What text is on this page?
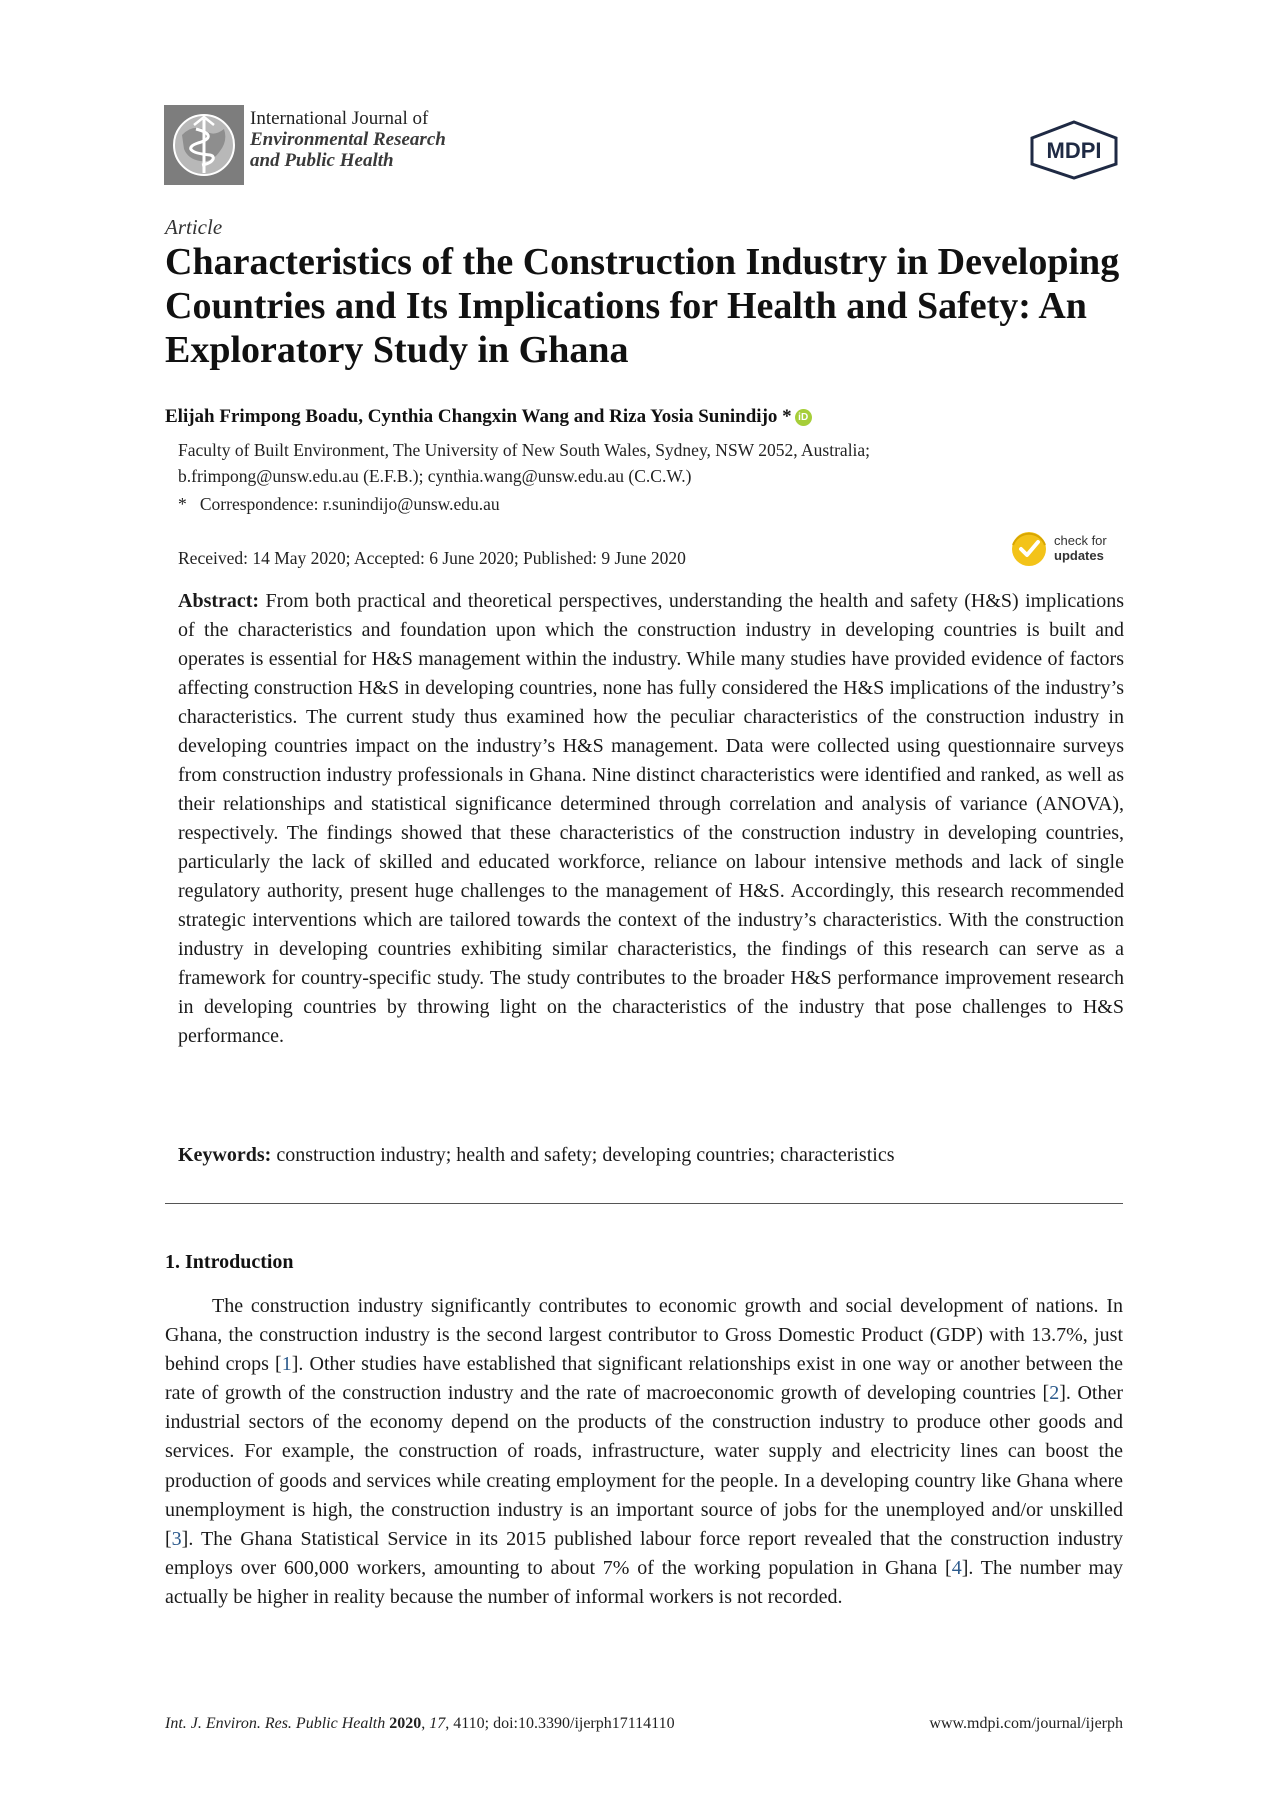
International Journal of
Environmental Research
and Public Health	MDPI
Article
Characteristics of the Construction Industry in Developing Countries and Its Implications for Health and Safety: An Exploratory Study in Ghana
Elijah Frimpong Boadu, Cynthia Changxin Wang and Riza Yosia Sunindijo * iD
Faculty of Built Environment, The University of New South Wales, Sydney, NSW 2052, Australia;
b.frimpong@unsw.edu.au (E.F.B.); cynthia.wang@unsw.edu.au (C.C.W.)
*   Correspondence: r.sunindijo@unsw.edu.au
Received: 14 May 2020; Accepted: 6 June 2020; Published: 9 June 2020
check for
updates

Abstract: From both practical and theoretical perspectives, understanding the health and safety (H&S) implications of the characteristics and foundation upon which the construction industry in developing countries is built and operates is essential for H&S management within the industry. While many studies have provided evidence of factors affecting construction H&S in developing countries, none has fully considered the H&S implications of the industry’s characteristics. The current study thus examined how the peculiar characteristics of the construction industry in developing countries impact on the industry’s H&S management. Data were collected using questionnaire surveys from construction industry professionals in Ghana. Nine distinct characteristics were identified and ranked, as well as their relationships and statistical significance determined through correlation and analysis of variance (ANOVA), respectively. The findings showed that these characteristics of the construction industry in developing countries, particularly the lack of skilled and educated workforce, reliance on labour intensive methods and lack of single regulatory authority, present huge challenges to the management of H&S. Accordingly, this research recommended strategic interventions which are tailored towards the context of the industry’s characteristics. With the construction industry in developing countries exhibiting similar characteristics, the findings of this research can serve as a framework for country-specific study. The study contributes to the broader H&S performance improvement research in developing countries by throwing light on the characteristics of the industry that pose challenges to H&S performance.

Keywords: construction industry; health and safety; developing countries; characteristics

1. Introduction

The construction industry significantly contributes to economic growth and social development of nations. In Ghana, the construction industry is the second largest contributor to Gross Domestic Product (GDP) with 13.7%, just behind crops [1]. Other studies have established that significant relationships exist in one way or another between the rate of growth of the construction industry and the rate of macroeconomic growth of developing countries [2]. Other industrial sectors of the economy depend on the products of the construction industry to produce other goods and services. For example, the construction of roads, infrastructure, water supply and electricity lines can boost the production of goods and services while creating employment for the people. In a developing country like Ghana where unemployment is high, the construction industry is an important source of jobs for the unemployed and/or unskilled [3]. The Ghana Statistical Service in its 2015 published labour force report revealed that the construction industry employs over 600,000 workers, amounting to about 7% of the working population in Ghana [4]. The number may actually be higher in reality because the number of informal workers is not recorded.

Int. J. Environ. Res. Public Health 2020, 17, 4110; doi:10.3390/ijerph17114110	www.mdpi.com/journal/ijerph
